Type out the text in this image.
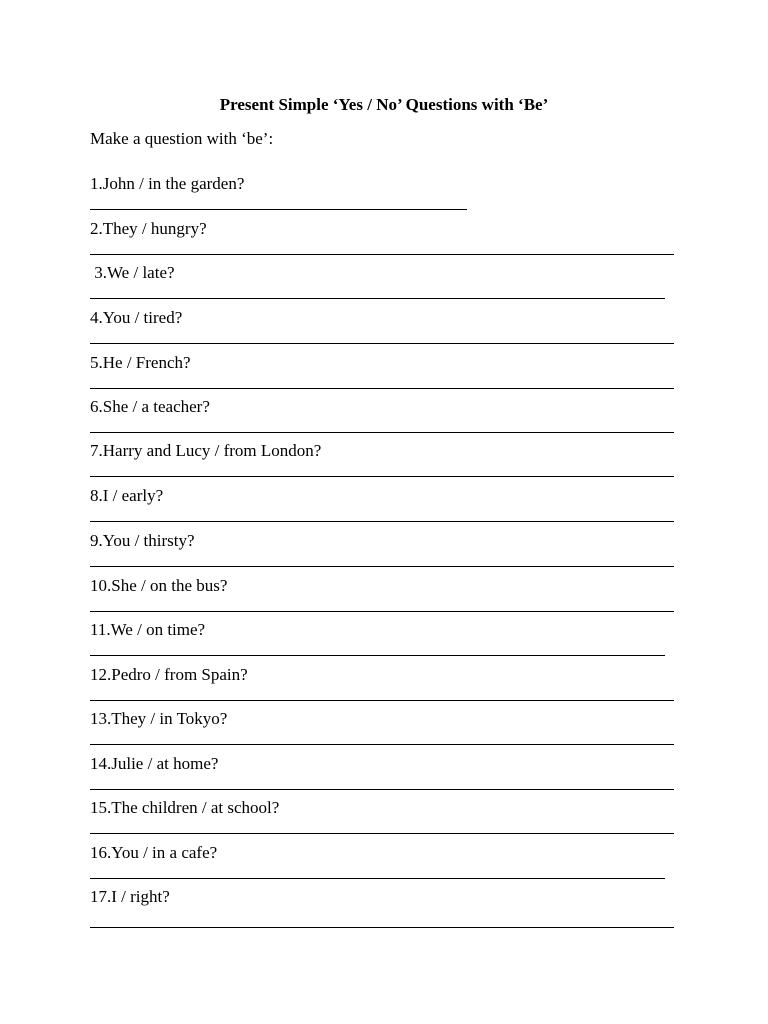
Present Simple ‘Yes / No’ Questions with ‘Be’
Make a question with ‘be’:
1.John / in the garden?
2.They / hungry?
3.We / late?
4.You / tired?
5.He / French?
6.She / a teacher?
7.Harry and Lucy / from London?
8.I / early?
9.You / thirsty?
10.She / on the bus?
11.We / on time?
12.Pedro / from Spain?
13.They / in Tokyo?
14.Julie / at home?
15.The children / at school?
16.You / in a cafe?
17.I / right?
